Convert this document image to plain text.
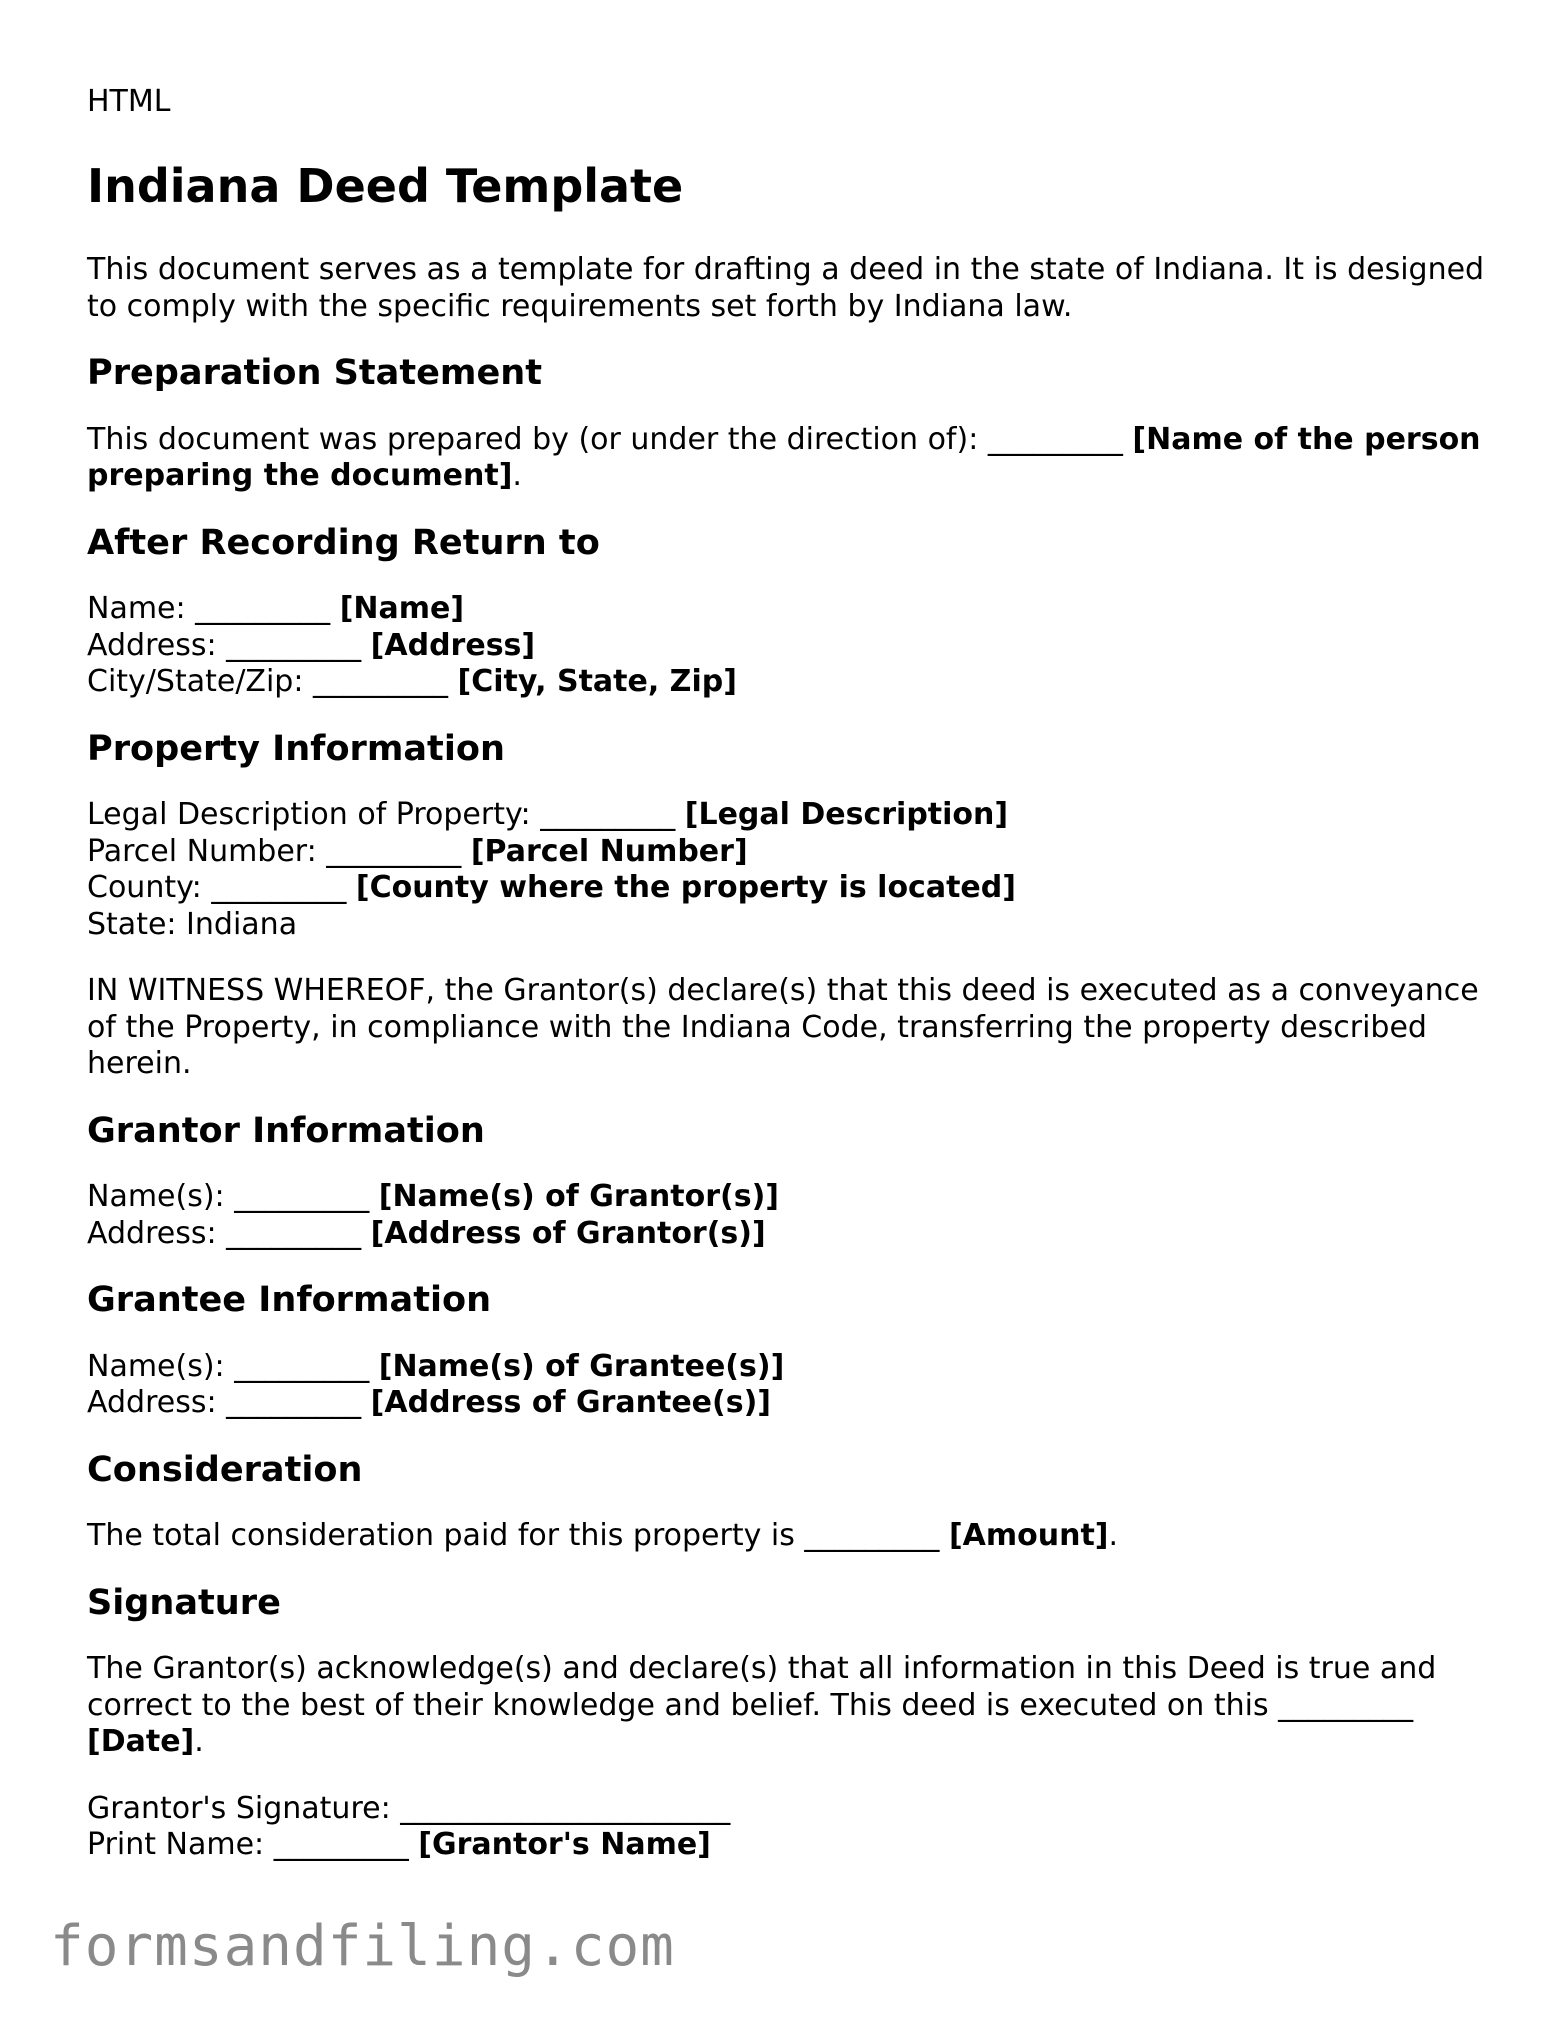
HTML

Indiana Deed Template

This document serves as a template for drafting a deed in the state of Indiana. It is designed to comply with the specific requirements set forth by Indiana law.

Preparation Statement

This document was prepared by (or under the direction of): _________ [Name of the person preparing the document].

After Recording Return to

Name: _________ [Name]
Address: _________ [Address]
City/State/Zip: _________ [City, State, Zip]

Property Information

Legal Description of Property: _________ [Legal Description]
Parcel Number: _________ [Parcel Number]
County: _________ [County where the property is located]
State: Indiana

IN WITNESS WHEREOF, the Grantor(s) declare(s) that this deed is executed as a conveyance of the Property, in compliance with the Indiana Code, transferring the property described herein.

Grantor Information

Name(s): _________ [Name(s) of Grantor(s)]
Address: _________ [Address of Grantor(s)]

Grantee Information

Name(s): _________ [Name(s) of Grantee(s)]
Address: _________ [Address of Grantee(s)]

Consideration

The total consideration paid for this property is _________ [Amount].

Signature

The Grantor(s) acknowledge(s) and declare(s) that all information in this Deed is true and correct to the best of their knowledge and belief. This deed is executed on this _________ [Date].

Grantor's Signature: ______________________
Print Name: _________ [Grantor's Name]

formsandfiling.com
